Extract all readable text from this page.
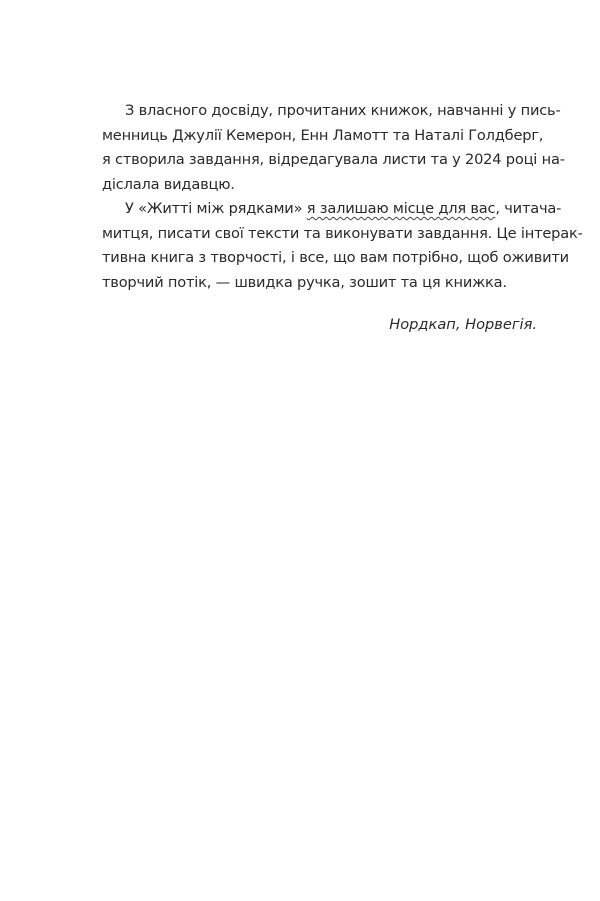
З власного досвіду, прочитаних книжок, навчанні у пись-
менниць Джулії Кемерон, Енн Ламотт та Наталі Голдберг,
я створила завдання, відредагувала листи та у 2024 році на-
діслала видавцю.
У «Житті між рядками» я залишаю місце для вас, читача-
митця, писати свої тексти та виконувати завдання. Це інтерак-
тивна книга з творчості, і все, що вам потрібно, щоб оживити
творчий потік, — швидка ручка, зошит та ця книжка.
Нордкап, Норвегія.
